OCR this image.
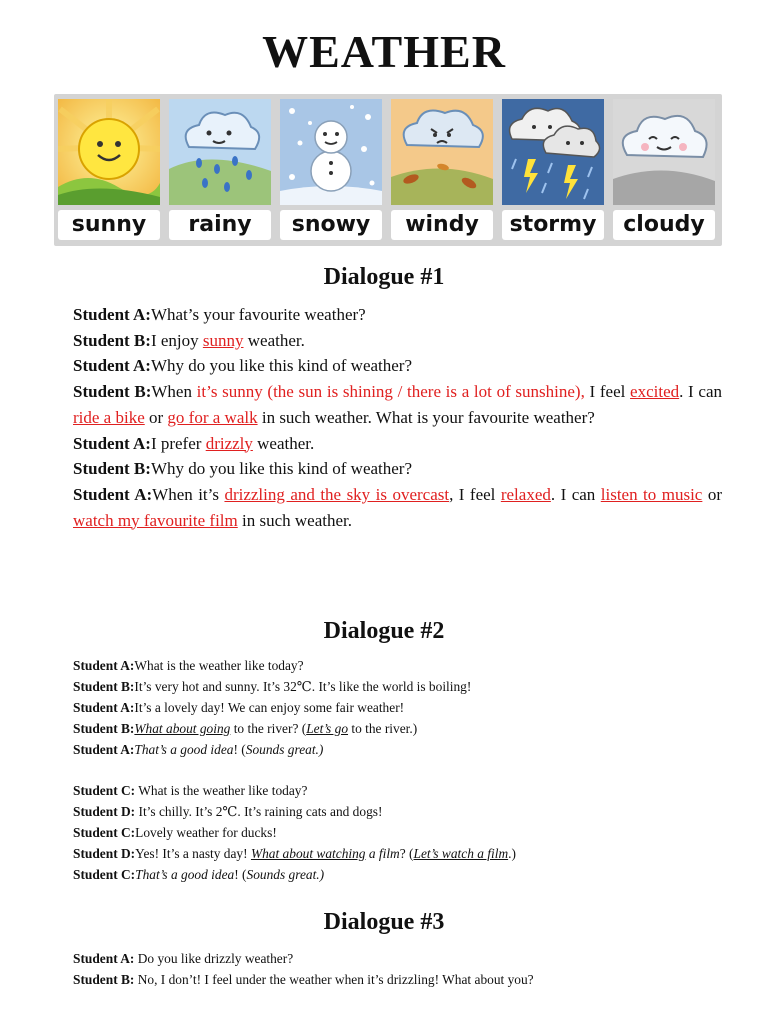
WEATHER
sunny	rainy	snowy	windy	stormy	cloudy
Dialogue #1

Student A:What’s your favourite weather?

Student B:I enjoy sunny weather.

Student A:Why do you like this kind of weather?

Student B:When it’s sunny (the sun is shining / there is a lot of sunshine), I feel excited. I can ride a bike or go for a walk in such weather. What is your favourite weather?

Student A:I prefer drizzly weather.

Student B:Why do you like this kind of weather?

Student A:When it’s drizzling and the sky is overcast, I feel relaxed. I can listen to music or watch my favourite film in such weather.

Dialogue #2

Student A:What is the weather like today?

Student B:It’s very hot and sunny. It’s 32℃. It’s like the world is boiling!

Student A:It’s a lovely day! We can enjoy some fair weather!

Student B:What about going to the river? (Let’s go to the river.)

Student A:That’s a good idea! (Sounds great.)

Student C: What is the weather like today?

Student D: It’s chilly. It’s 2℃. It’s raining cats and dogs!

Student C:Lovely weather for ducks!

Student D:Yes! It’s a nasty day! What about watching a film? (Let’s watch a film.)

Student C:That’s a good idea! (Sounds great.)

Dialogue #3

Student A: Do you like drizzly weather?

Student B: No, I don’t! I feel under the weather when it’s drizzling! What about you?
